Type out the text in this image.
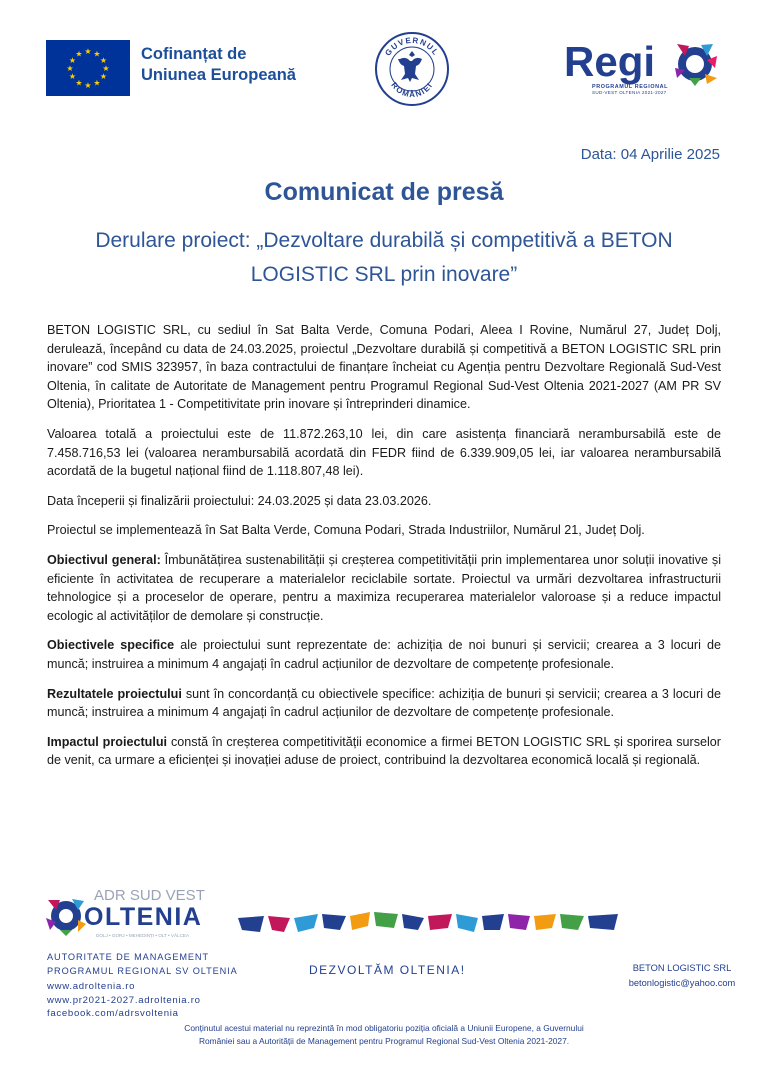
★ ★
★
★
★
★
★
★
★
★
★
★	Cofinanțat de
Uniunea Europeană
GUVERNUL
ROMÂNIEI	Regi
PROGRAMUL REGIONAL
SUD-VEST OLTENIA 2021-2027
Data: 04 Aprilie 2025
Comunicat de presă
Derulare proiect: „Dezvoltare durabilă și competitivă a BETON LOGISTIC SRL prin inovare”

BETON LOGISTIC SRL, cu sediul în Sat Balta Verde, Comuna Podari, Aleea I Rovine, Numărul 27, Județ Dolj, derulează, începând cu data de 24.03.2025, proiectul „Dezvoltare durabilă și competitivă a BETON LOGISTIC SRL prin inovare” cod SMIS 323957, în baza contractului de finanțare încheiat cu Agenția pentru Dezvoltare Regională Sud-Vest Oltenia, în calitate de Autoritate de Management pentru Programul Regional Sud-Vest Oltenia 2021-2027 (AM PR SV Oltenia), Prioritatea 1 - Competitivitate prin inovare și întreprinderi dinamice.

Valoarea totală a proiectului este de 11.872.263,10 lei, din care asistența financiară nerambursabilă este de 7.458.716,53 lei (valoarea nerambursabilă acordată din FEDR fiind de 6.339.909,05 lei, iar valoarea nerambursabilă acordată de la bugetul național fiind de 1.118.807,48 lei).

Data începerii și finalizării proiectului: 24.03.2025 și data 23.03.2026.

Proiectul se implementează în Sat Balta Verde, Comuna Podari, Strada Industriilor, Numărul 21, Județ Dolj.

Obiectivul general: Îmbunătățirea sustenabilității și creșterea competitivității prin implementarea unor soluții inovative și eficiente în activitatea de recuperare a materialelor reciclabile sortate. Proiectul va urmări dezvoltarea infrastructurii tehnologice și a proceselor de operare, pentru a maximiza recuperarea materialelor valoroase și a reduce impactul ecologic al activităților de demolare și construcție.

Obiectivele specifice ale proiectului sunt reprezentate de: achiziția de noi bunuri și servicii; crearea a 3 locuri de muncă; instruirea a minimum 4 angajați în cadrul acțiunilor de dezvoltare de competențe profesionale.

Rezultatele proiectului sunt în concordanță cu obiectivele specifice: achiziția de bunuri și servicii; crearea a 3 locuri de muncă; instruirea a minimum 4 angajați în cadrul acțiunilor de dezvoltare de competențe profesionale.

Impactul proiectului constă în creșterea competitivității economice a firmei BETON LOGISTIC SRL și sporirea surselor de venit, ca urmare a eficienței și inovației aduse de proiect, contribuind la dezvoltarea economică locală și regională.

ADR SUD VEST
OLTENIA
DOLJ • GORJ • MEHEDINȚI • OLT • VÂLCEA
AUTORITATE DE MANAGEMENT
PROGRAMUL REGIONAL SV OLTENIA
www.adroltenia.ro
www.pr2021-2027.adroltenia.ro
facebook.com/adrsvoltenia
DEZVOLTĂM OLTENIA!	BETON LOGISTIC SRL
betonlogistic@yahoo.com
Conținutul acestui material nu reprezintă în mod obligatoriu poziția oficială a Uniunii Europene, a Guvernului
României sau a Autorității de Management pentru Programul Regional Sud-Vest Oltenia 2021-2027.
